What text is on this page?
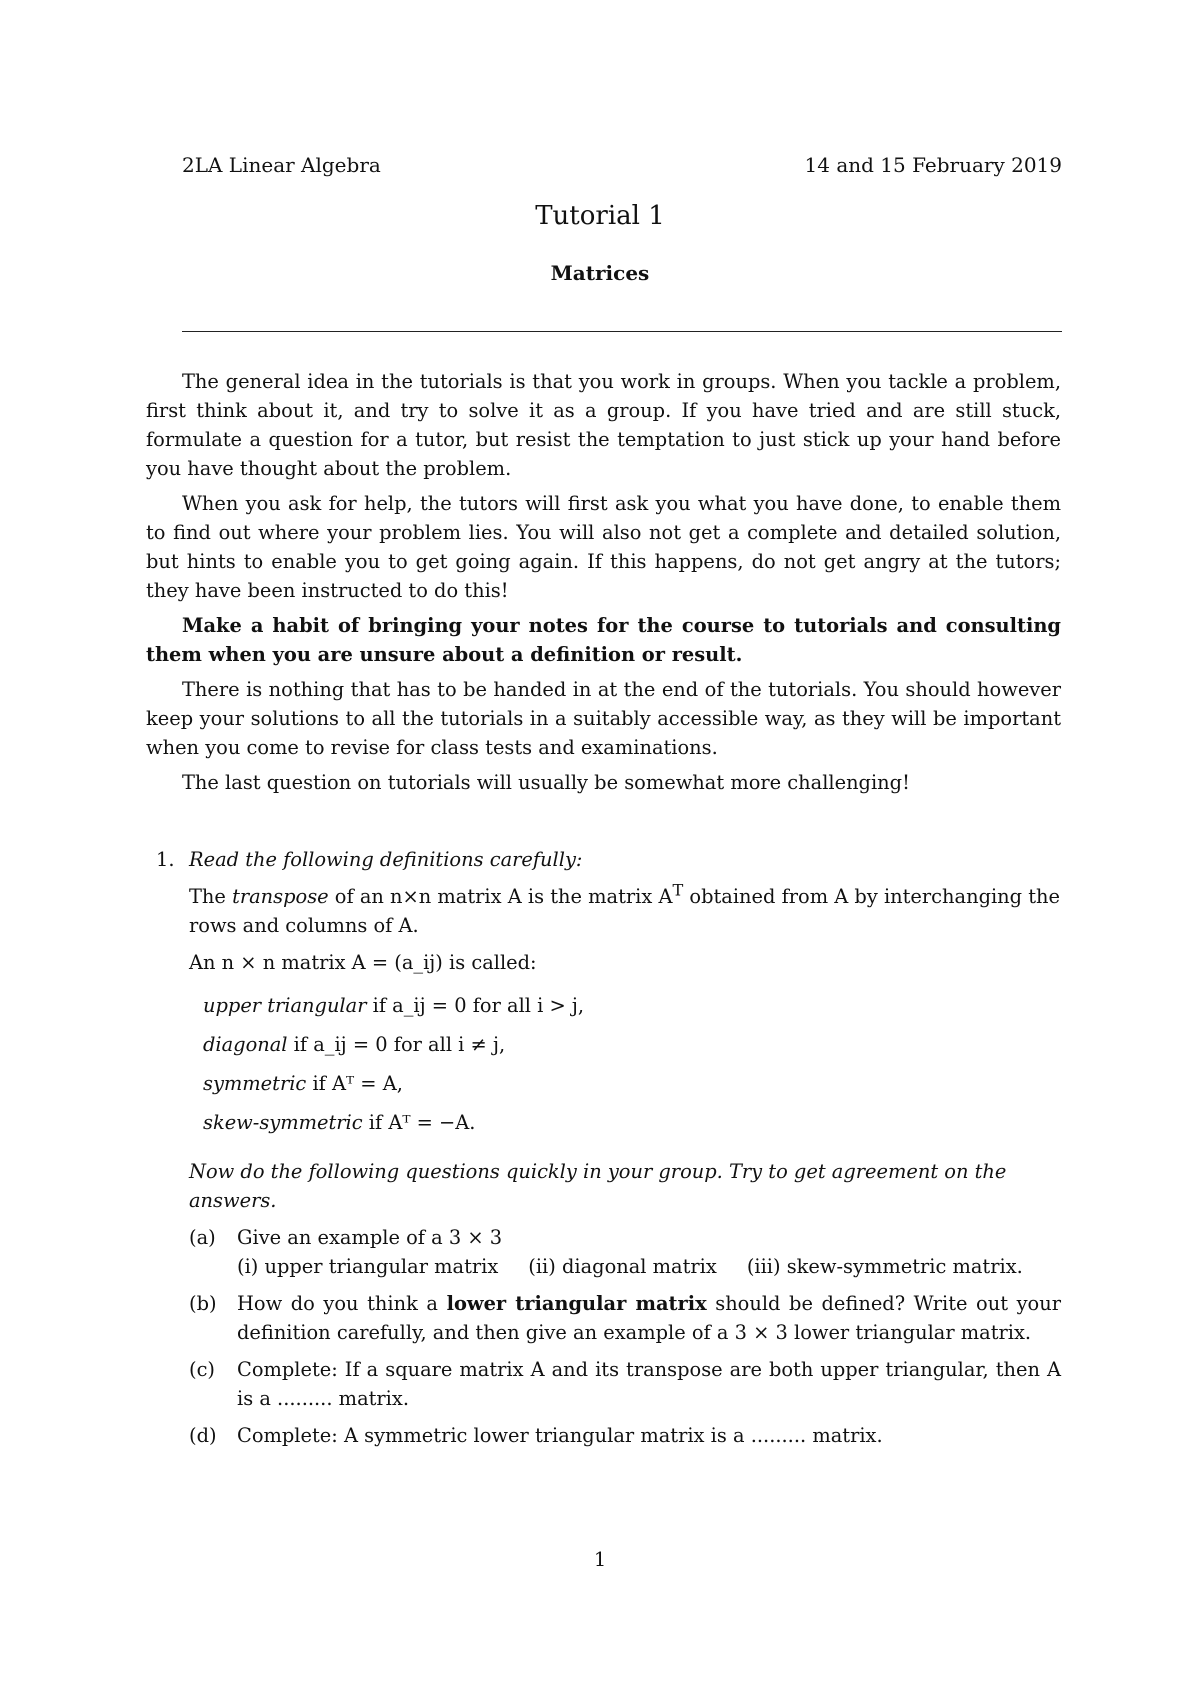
2LA Linear Algebra	14 and 15 February 2019
Tutorial 1
Matrices

The general idea in the tutorials is that you work in groups. When you tackle a problem, first think about it, and try to solve it as a group. If you have tried and are still stuck, formulate a question for a tutor, but resist the temptation to just stick up your hand before you have thought about the problem.

When you ask for help, the tutors will first ask you what you have done, to enable them to find out where your problem lies. You will also not get a complete and detailed solution, but hints to enable you to get going again. If this happens, do not get angry at the tutors; they have been instructed to do this!

Make a habit of bringing your notes for the course to tutorials and consulting them when you are unsure about a definition or result.

There is nothing that has to be handed in at the end of the tutorials. You should however keep your solutions to all the tutorials in a suitably accessible way, as they will be important when you come to revise for class tests and examinations.

The last question on tutorials will usually be somewhat more challenging!

1. Read the following definitions carefully:

The transpose of an n×n matrix A is the matrix $A^T$ obtained from A by interchanging the rows and columns of A.

An n × n matrix A = (a_ij) is called:

upper triangular if a_ij = 0 for all i > j,
diagonal if a_ij = 0 for all i ≠ j,
symmetric if Aᵀ = A,
skew-symmetric if Aᵀ = −A.

Now do the following questions quickly in your group. Try to get agreement on the answers.

(a) Give an example of a 3 × 3
(i) upper triangular matrix (ii) diagonal matrix (iii) skew-symmetric matrix.
(b) How do you think a lower triangular matrix should be defined? Write out your definition carefully, and then give an example of a 3 × 3 lower triangular matrix.
(c) Complete: If a square matrix A and its transpose are both upper triangular, then A is a ......... matrix.
(d) Complete: A symmetric lower triangular matrix is a ......... matrix.
1
